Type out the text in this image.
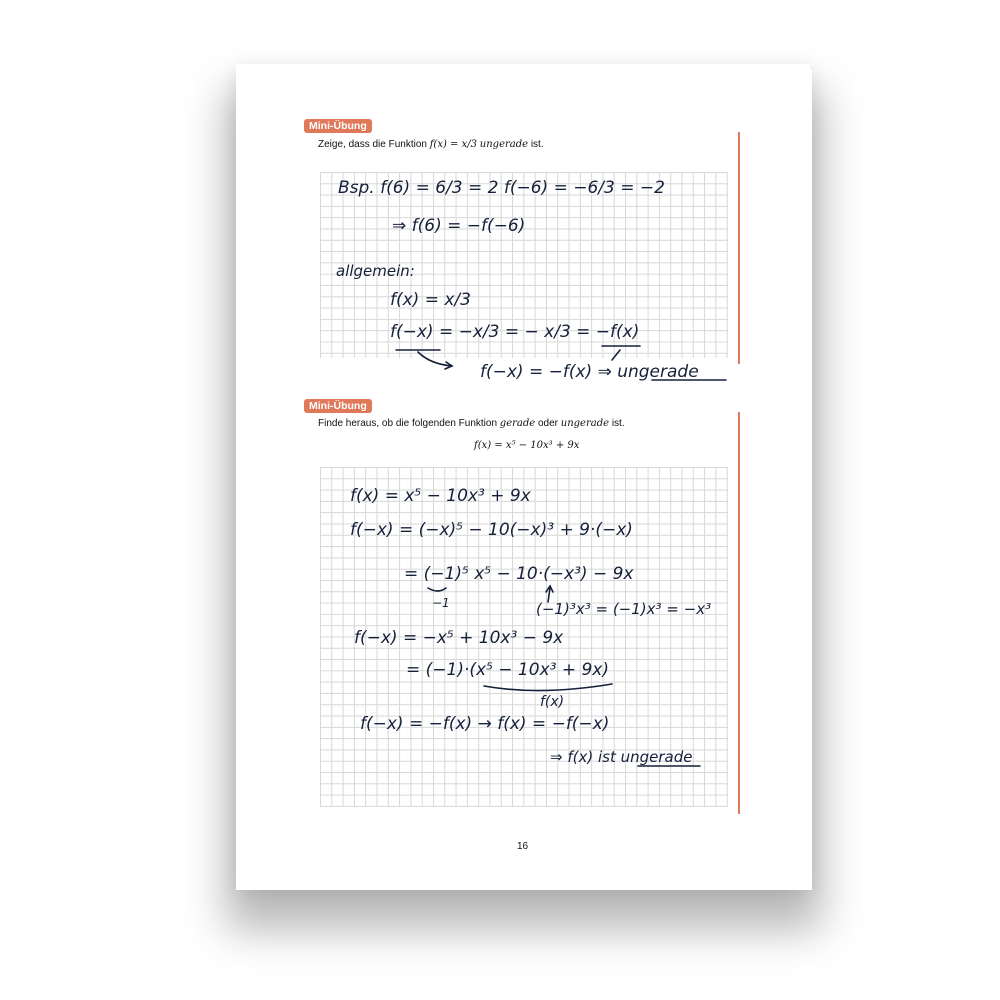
Mini-Übung
Zeige, dass die Funktion f(x) = x/3 ungerade ist.
Mini-Übung
Finde heraus, ob die folgenden Funktion gerade oder ungerade ist.
f(x) = x⁵ − 10x³ + 9x
16
Bsp. f(6) = 6/3 = 2 f(−6) = −6/3 = −2
⇒ f(6) = −f(−6)
allgemein:
f(x) = x/3
f(−x) = −x/3 = − x/3 = −f(x)
f(−x) = −f(x) ⇒ ungerade
f(x) = x⁵ − 10x³ + 9x
f(−x) = (−x)⁵ − 10(−x)³ + 9·(−x)
= (−1)⁵ x⁵ − 10·(−x³) − 9x
−1	(−1)³x³ = (−1)x³ = −x³
f(−x) = −x⁵ + 10x³ − 9x
= (−1)·(x⁵ − 10x³ + 9x)
f(x)
f(−x) = −f(x) → f(x) = −f(−x)
⇒ f(x) ist ungerade
